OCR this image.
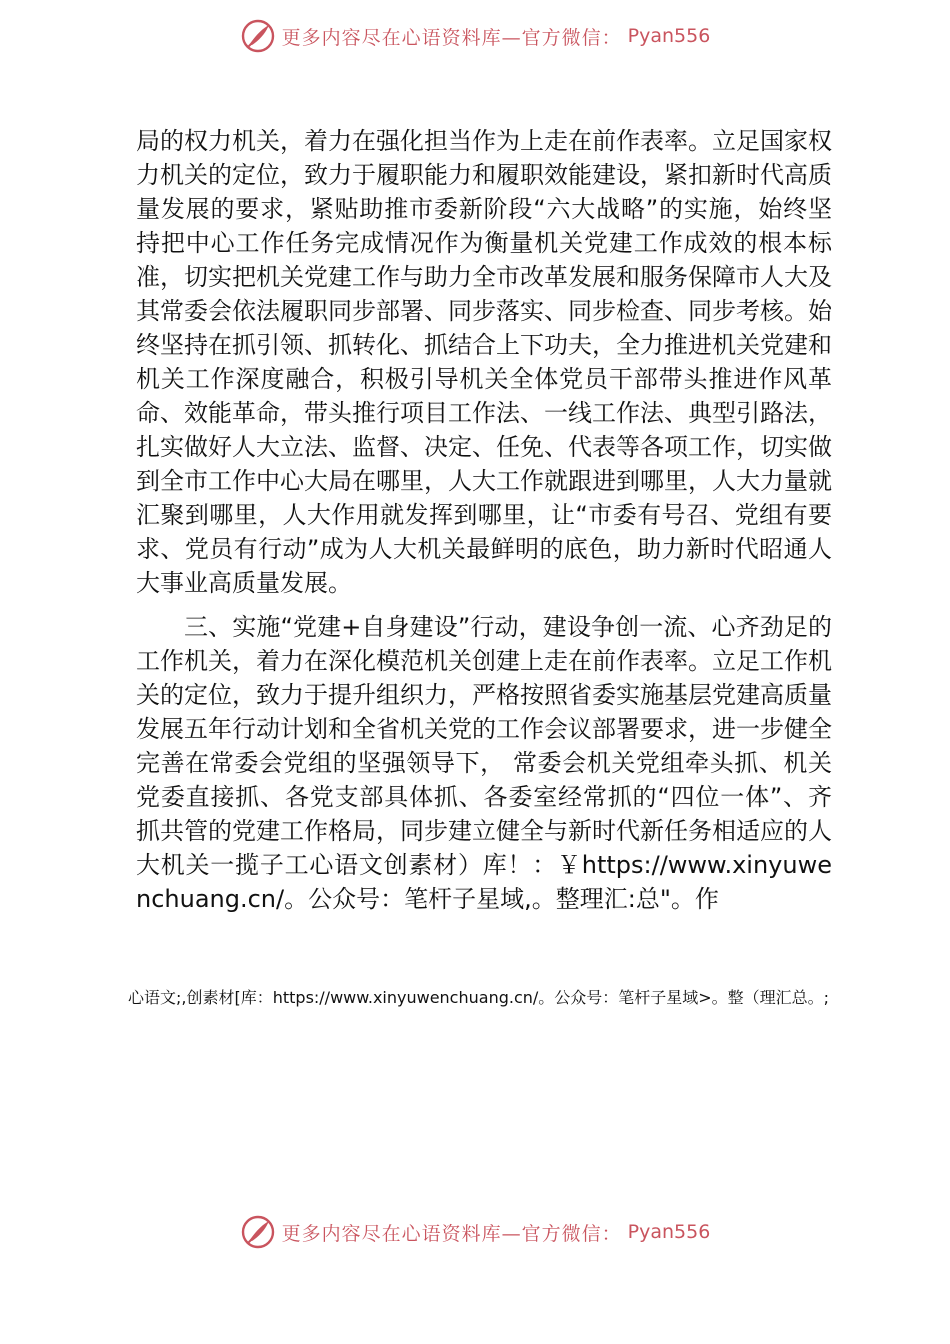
更多内容尽在心语资料库—官方微信： Pyan556

局的权力机关，着力在强化担当作为上走在前作表率。立足国家权力机关的定位，致力于履职能力和履职效能建设，紧扣新时代高质量发展的要求，紧贴助推市委新阶段“六大战略”的实施，始终坚持把中心工作任务完成情况作为衡量机关党建工作成效的根本标准，切实把机关党建工作与助力全市改革发展和服务保障市人大及其常委会依法履职同步部署、同步落实、同步检查、同步考核。始终坚持在抓引领、抓转化、抓结合上下功夫，全力推进机关党建和机关工作深度融合，积极引导机关全体党员干部带头推进作风革命、效能革命，带头推行项目工作法、一线工作法、典型引路法，扎实做好人大立法、监督、决定、任免、代表等各项工作，切实做到全市工作中心大局在哪里，人大工作就跟进到哪里，人大力量就汇聚到哪里，人大作用就发挥到哪里，让“市委有号召、党组有要求、党员有行动”成为人大机关最鲜明的底色，助力新时代昭通人大事业高质量发展。

三、实施“党建+自身建设”行动，建设争创一流、心齐劲足的工作机关，着力在深化模范机关创建上走在前作表率。立足工作机关的定位，致力于提升组织力，严格按照省委实施基层党建高质量发展五年行动计划和全省机关党的工作会议部署要求，进一步健全完善在常委会党组的坚强领导下， 常委会机关党组牵头抓、机关党委直接抓、各党支部具体抓、各委室经常抓的“四位一体”、齐抓共管的党建工作格局，同步建立健全与新时代新任务相适应的人大机关一揽子工心语文创素材）库！：￥https://www.xinyuwenchuang.cn/。公众号：笔杆子星域,。整理汇:总"。作

心语文;,创素材[库：https://www.xinyuwenchuang.cn/。公众号：笔杆子星域>。整（理汇总。;
更多内容尽在心语资料库—官方微信： Pyan556
